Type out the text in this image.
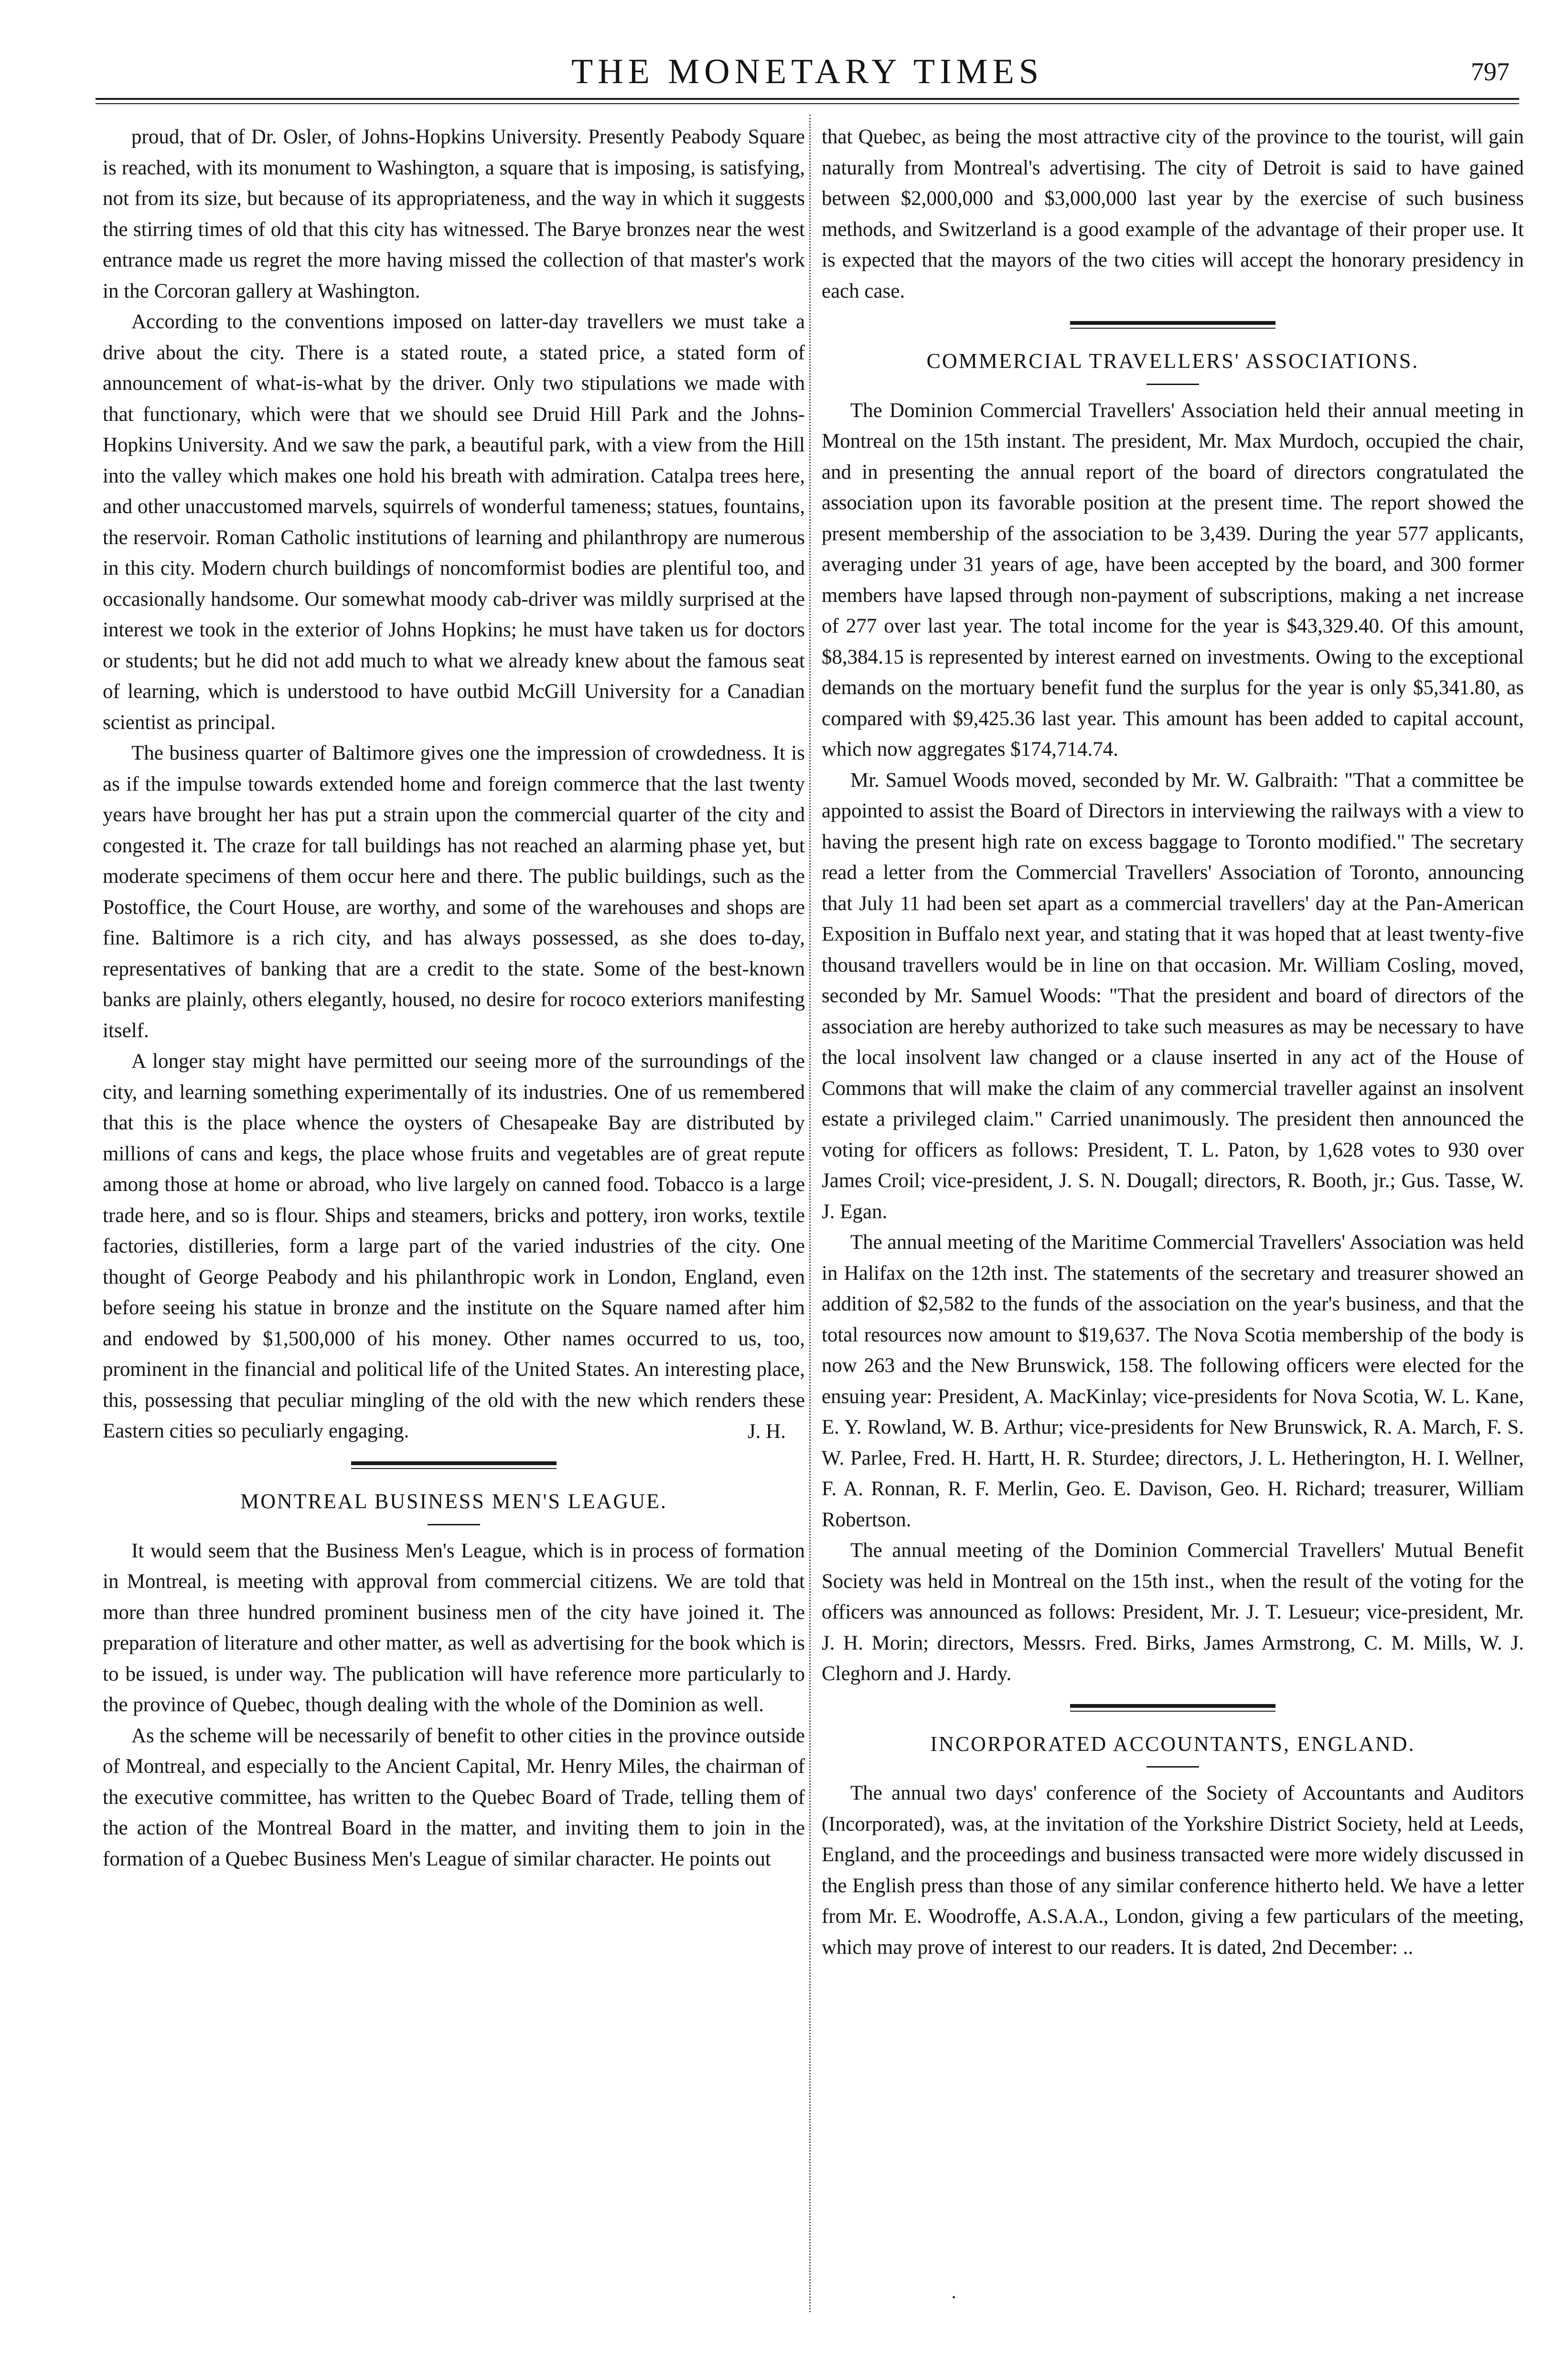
THE MONETARY TIMES	797

proud, that of Dr. Osler, of Johns-Hopkins University. Presently Peabody Square is reached, with its monument to Washington, a square that is imposing, is satisfying, not from its size, but because of its appropriateness, and the way in which it suggests the stirring times of old that this city has witnessed. The Barye bronzes near the west entrance made us regret the more having missed the collection of that master's work in the Corcoran gallery at Washington.

According to the conventions imposed on latter-day travellers we must take a drive about the city. There is a stated route, a stated price, a stated form of announcement of what-is-what by the driver. Only two stipulations we made with that functionary, which were that we should see Druid Hill Park and the Johns-Hopkins University. And we saw the park, a beautiful park, with a view from the Hill into the valley which makes one hold his breath with admiration. Catalpa trees here, and other unaccustomed marvels, squirrels of wonderful tameness; statues, fountains, the reservoir. Roman Catholic institutions of learning and philanthropy are numerous in this city. Modern church buildings of noncomformist bodies are plentiful too, and occasionally handsome. Our somewhat moody cab-driver was mildly surprised at the interest we took in the exterior of Johns Hopkins; he must have taken us for doctors or students; but he did not add much to what we already knew about the famous seat of learning, which is understood to have outbid McGill University for a Canadian scientist as principal.

The business quarter of Baltimore gives one the impression of crowdedness. It is as if the impulse towards extended home and foreign commerce that the last twenty years have brought her has put a strain upon the commercial quarter of the city and congested it. The craze for tall buildings has not reached an alarming phase yet, but moderate specimens of them occur here and there. The public buildings, such as the Postoffice, the Court House, are worthy, and some of the warehouses and shops are fine. Baltimore is a rich city, and has always possessed, as she does to-day, representatives of banking that are a credit to the state. Some of the best-known banks are plainly, others elegantly, housed, no desire for rococo exteriors manifesting itself.

A longer stay might have permitted our seeing more of the surroundings of the city, and learning something experimentally of its industries. One of us remembered that this is the place whence the oysters of Chesapeake Bay are distributed by millions of cans and kegs, the place whose fruits and vegetables are of great repute among those at home or abroad, who live largely on canned food. Tobacco is a large trade here, and so is flour. Ships and steamers, bricks and pottery, iron works, textile factories, distilleries, form a large part of the varied industries of the city. One thought of George Peabody and his philanthropic work in London, England, even before seeing his statue in bronze and the institute on the Square named after him and endowed by $1,500,000 of his money. Other names occurred to us, too, prominent in the financial and political life of the United States. An interesting place, this, possessing that peculiar mingling of the old with the new which renders these Eastern cities so peculiarly engaging.	J. H.
MONTREAL BUSINESS MEN'S LEAGUE.

It would seem that the Business Men's League, which is in process of formation in Montreal, is meeting with approval from commercial citizens. We are told that more than three hundred prominent business men of the city have joined it. The preparation of literature and other matter, as well as advertising for the book which is to be issued, is under way. The publication will have reference more particularly to the province of Quebec, though dealing with the whole of the Dominion as well.

As the scheme will be necessarily of benefit to other cities in the province outside of Montreal, and especially to the Ancient Capital, Mr. Henry Miles, the chairman of the executive committee, has written to the Quebec Board of Trade, telling them of the action of the Montreal Board in the matter, and inviting them to join in the formation of a Quebec Business Men's League of similar character. He points out

that Quebec, as being the most attractive city of the province to the tourist, will gain naturally from Montreal's advertising. The city of Detroit is said to have gained between $2,000,000 and $3,000,000 last year by the exercise of such business methods, and Switzerland is a good example of the advantage of their proper use. It is expected that the mayors of the two cities will accept the honorary presidency in each case.

COMMERCIAL TRAVELLERS' ASSOCIATIONS.

The Dominion Commercial Travellers' Association held their annual meeting in Montreal on the 15th instant. The president, Mr. Max Murdoch, occupied the chair, and in presenting the annual report of the board of directors congratulated the association upon its favorable position at the present time. The report showed the present membership of the association to be 3,439. During the year 577 applicants, averaging under 31 years of age, have been accepted by the board, and 300 former members have lapsed through non-payment of subscriptions, making a net increase of 277 over last year. The total income for the year is $43,329.40. Of this amount, $8,384.15 is represented by interest earned on investments. Owing to the exceptional demands on the mortuary benefit fund the surplus for the year is only $5,341.80, as compared with $9,425.36 last year. This amount has been added to capital account, which now aggregates $174,714.74.

Mr. Samuel Woods moved, seconded by Mr. W. Galbraith: "That a committee be appointed to assist the Board of Directors in interviewing the railways with a view to having the present high rate on excess baggage to Toronto modified." The secretary read a letter from the Commercial Travellers' Association of Toronto, announcing that July 11 had been set apart as a commercial travellers' day at the Pan-American Exposition in Buffalo next year, and stating that it was hoped that at least twenty-five thousand travellers would be in line on that occasion. Mr. William Cosling, moved, seconded by Mr. Samuel Woods: "That the president and board of directors of the association are hereby authorized to take such measures as may be necessary to have the local insolvent law changed or a clause inserted in any act of the House of Commons that will make the claim of any commercial traveller against an insolvent estate a privileged claim." Carried unanimously. The president then announced the voting for officers as follows: President, T. L. Paton, by 1,628 votes to 930 over James Croil; vice-president, J. S. N. Dougall; directors, R. Booth, jr.; Gus. Tasse, W. J. Egan.

The annual meeting of the Maritime Commercial Travellers' Association was held in Halifax on the 12th inst. The statements of the secretary and treasurer showed an addition of $2,582 to the funds of the association on the year's business, and that the total resources now amount to $19,637. The Nova Scotia membership of the body is now 263 and the New Brunswick, 158. The following officers were elected for the ensuing year: President, A. MacKinlay; vice-presidents for Nova Scotia, W. L. Kane, E. Y. Rowland, W. B. Arthur; vice-presidents for New Brunswick, R. A. March, F. S. W. Parlee, Fred. H. Hartt, H. R. Sturdee; directors, J. L. Hetherington, H. I. Wellner, F. A. Ronnan, R. F. Merlin, Geo. E. Davison, Geo. H. Richard; treasurer, William Robertson.

The annual meeting of the Dominion Commercial Travellers' Mutual Benefit Society was held in Montreal on the 15th inst., when the result of the voting for the officers was announced as follows: President, Mr. J. T. Lesueur; vice-president, Mr. J. H. Morin; directors, Messrs. Fred. Birks, James Armstrong, C. M. Mills, W. J. Cleghorn and J. Hardy.

INCORPORATED ACCOUNTANTS, ENGLAND.

The annual two days' conference of the Society of Accountants and Auditors (Incorporated), was, at the invitation of the Yorkshire District Society, held at Leeds, England, and the proceedings and business transacted were more widely discussed in the English press than those of any similar conference hitherto held. We have a letter from Mr. E. Woodroffe, A.S.A.A., London, giving a few particulars of the meeting, which may prove of interest to our readers. It is dated, 2nd December: ..

·
